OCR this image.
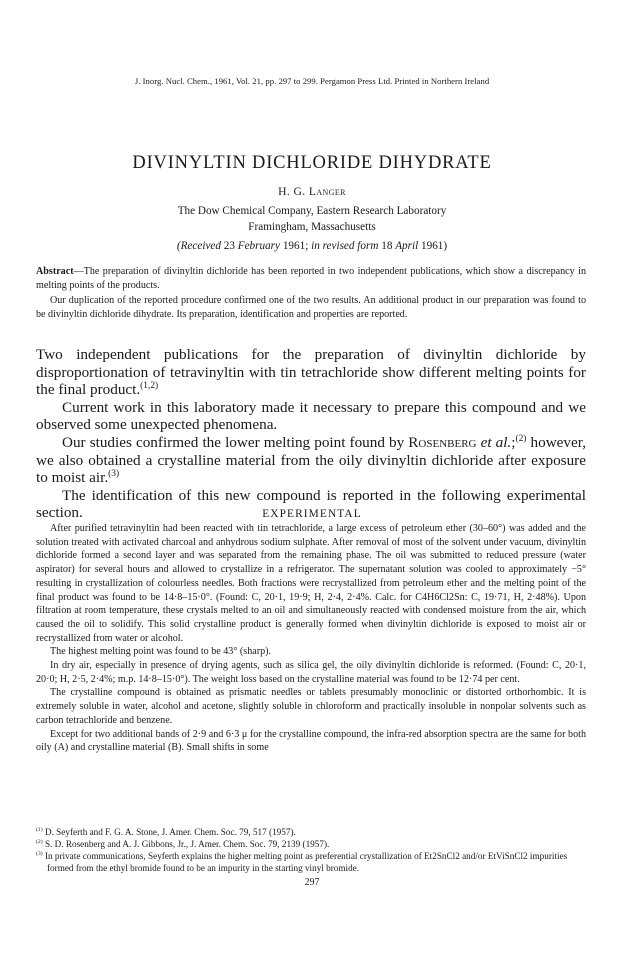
J. Inorg. Nucl. Chem., 1961, Vol. 21, pp. 297 to 299. Pergamon Press Ltd. Printed in Northern Ireland
DIVINYLTIN DICHLORIDE DIHYDRATE
H. G. Langer
The Dow Chemical Company, Eastern Research Laboratory
Framingham, Massachusetts
(Received 23 February 1961; in revised form 18 April 1961)

Abstract—The preparation of divinyltin dichloride has been reported in two independent publications, which show a discrepancy in melting points of the products.

Our duplication of the reported procedure confirmed one of the two results. An additional product in our preparation was found to be divinyltin dichloride dihydrate. Its preparation, identification and properties are reported.

Two independent publications for the preparation of divinyltin dichloride by disproportionation of tetravinyltin with tin tetrachloride show different melting points for the final product.$^{(1,2)}$

Current work in this laboratory made it necessary to prepare this compound and we observed some unexpected phenomena.

Our studies confirmed the lower melting point found by Rosenberg et al.;$^{(2)}$ however, we also obtained a crystalline material from the oily divinyltin dichloride after exposure to moist air.$^{(3)}$

The identification of this new compound is reported in the following experimental section.	EXPERIMENTAL

After purified tetravinyltin had been reacted with tin tetrachloride, a large excess of petroleum ether (30–60°) was added and the solution treated with activated charcoal and anhydrous sodium sulphate. After removal of most of the solvent under vacuum, divinyltin dichloride formed a second layer and was separated from the remaining phase. The oil was submitted to reduced pressure (water aspirator) for several hours and allowed to crystallize in a refrigerator. The supernatant solution was cooled to approximately −5° resulting in crystallization of colourless needles. Both fractions were recrystallized from petroleum ether and the melting point of the final product was found to be 14·8–15·0°. (Found: C, 20·1, 19·9; H, 2·4, 2·4%. Calc. for C4H6Cl2Sn: C, 19·71, H, 2·48%). Upon filtration at room temperature, these crystals melted to an oil and simultaneously reacted with condensed moisture from the air, which caused the oil to solidify. This solid crystalline product is generally formed when divinyltin dichloride is exposed to moist air or recrystallized from water or alcohol.

The highest melting point was found to be 43° (sharp).

In dry air, especially in presence of drying agents, such as silica gel, the oily divinyltin dichloride is reformed. (Found: C, 20·1, 20·0; H, 2·5, 2·4%; m.p. 14·8–15·0°). The weight loss based on the crystalline material was found to be 12·74 per cent.

The crystalline compound is obtained as prismatic needles or tablets presumably monoclinic or distorted orthorhombic. It is extremely soluble in water, alcohol and acetone, slightly soluble in chloroform and practically insoluble in nonpolar solvents such as carbon tetrachloride and benzene.

Except for two additional bands of 2·9 and 6·3 μ for the crystalline compound, the infra-red absorption spectra are the same for both oily (A) and crystalline material (B). Small shifts in some

$^{(1)}$ D. Seyferth and F. G. A. Stone, J. Amer. Chem. Soc. 79, 517 (1957).

$^{(2)}$ S. D. Rosenberg and A. J. Gibbons, Jr., J. Amer. Chem. Soc. 79, 2139 (1957).

$^{(3)}$ In private communications, Seyferth explains the higher melting point as preferential crystallization of Et2SnCl2 and/or EtViSnCl2 impurities formed from the ethyl bromide found to be an impurity in the starting vinyl bromide.

297
